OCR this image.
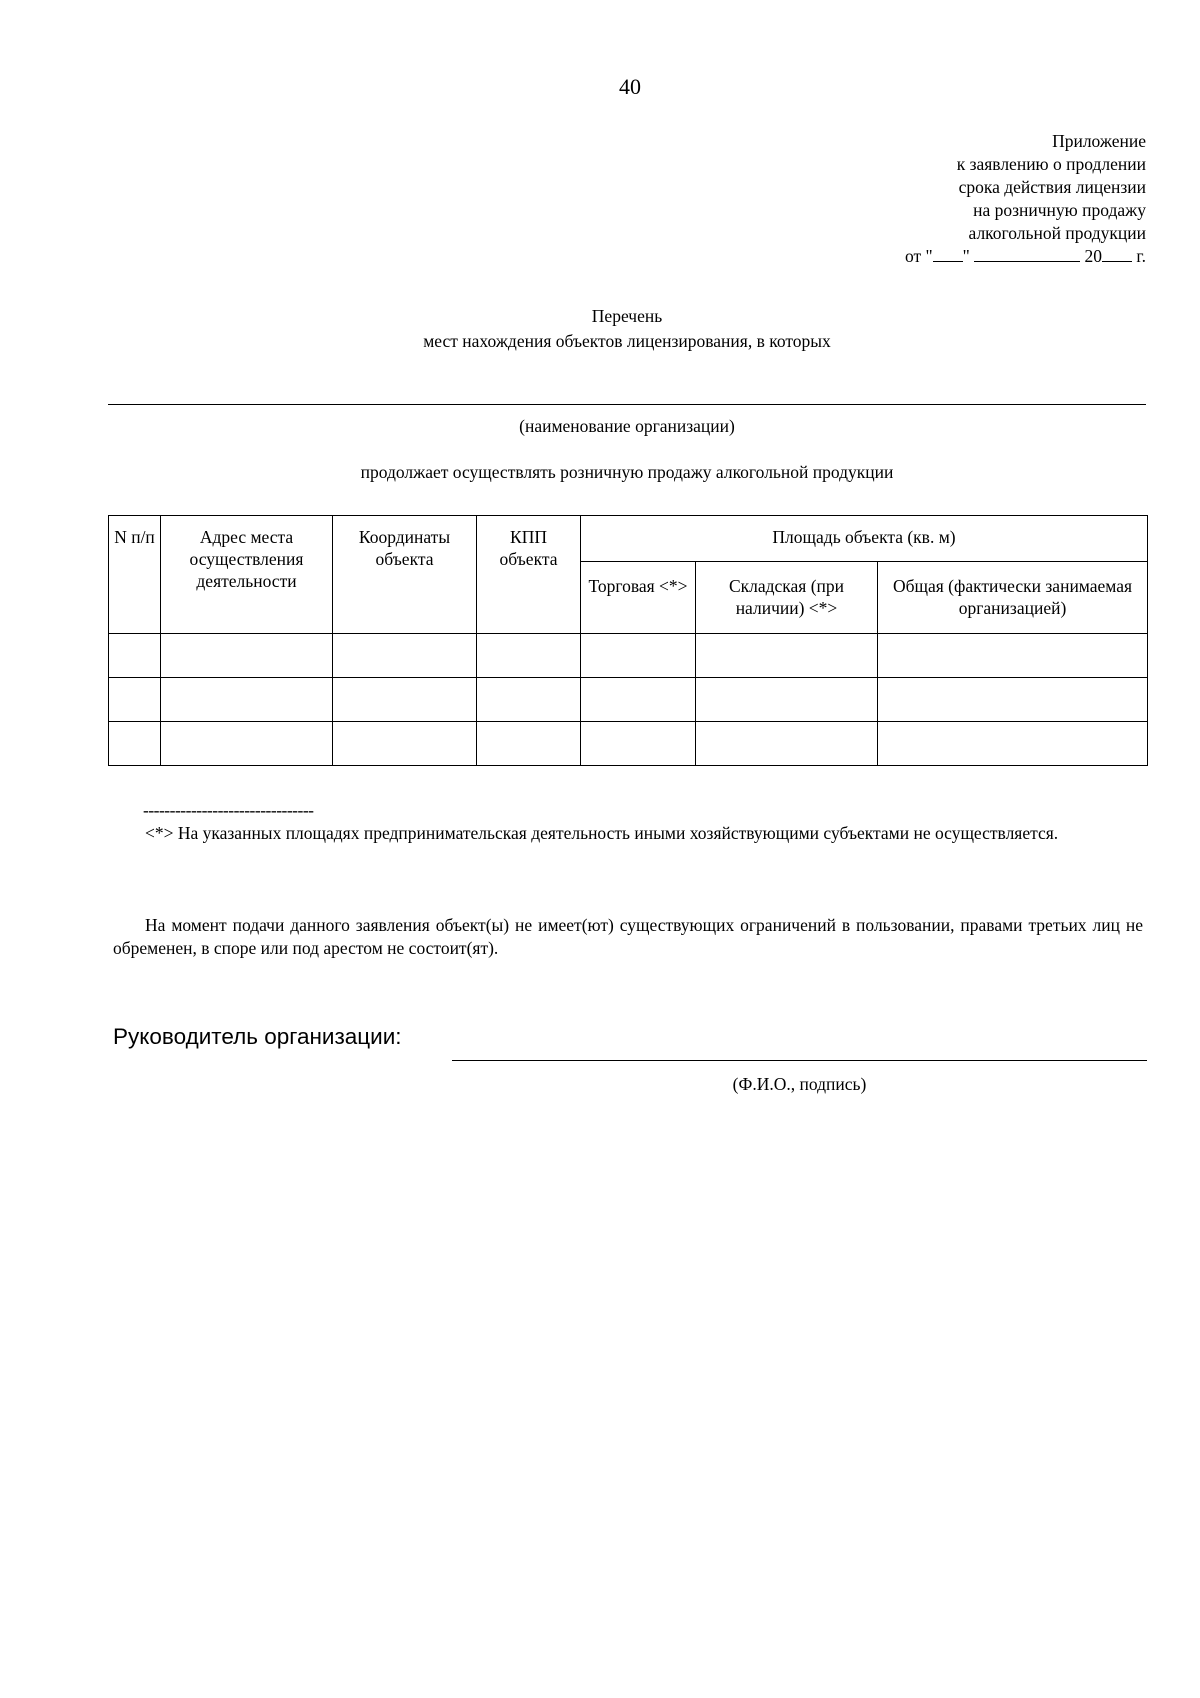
40
Приложение
к заявлению о продлении
срока действия лицензии
на розничную продажу
алкогольной продукции
от " "	20 г.
Перечень
мест нахождения объектов лицензирования, в которых
(наименование организации)
продолжает осуществлять розничную продажу алкогольной продукции
N п/п	Адрес места осуществления деятельности	Координаты объекта	КПП объекта	Площадь объекта (кв. м)		
				Торговая <*>	Складская (при наличии) <*>	Общая (фактически занимаемая организацией)

--------------------------------
<*> На указанных площадях предпринимательская деятельность иными хозяйствующими субъектами не осуществляется.
На момент подачи данного заявления объект(ы) не имеет(ют) существующих ограничений в пользовании, правами третьих лиц не обременен, в споре или под арестом не состоит(ят).
Руководитель организации:
(Ф.И.О., подпись)
